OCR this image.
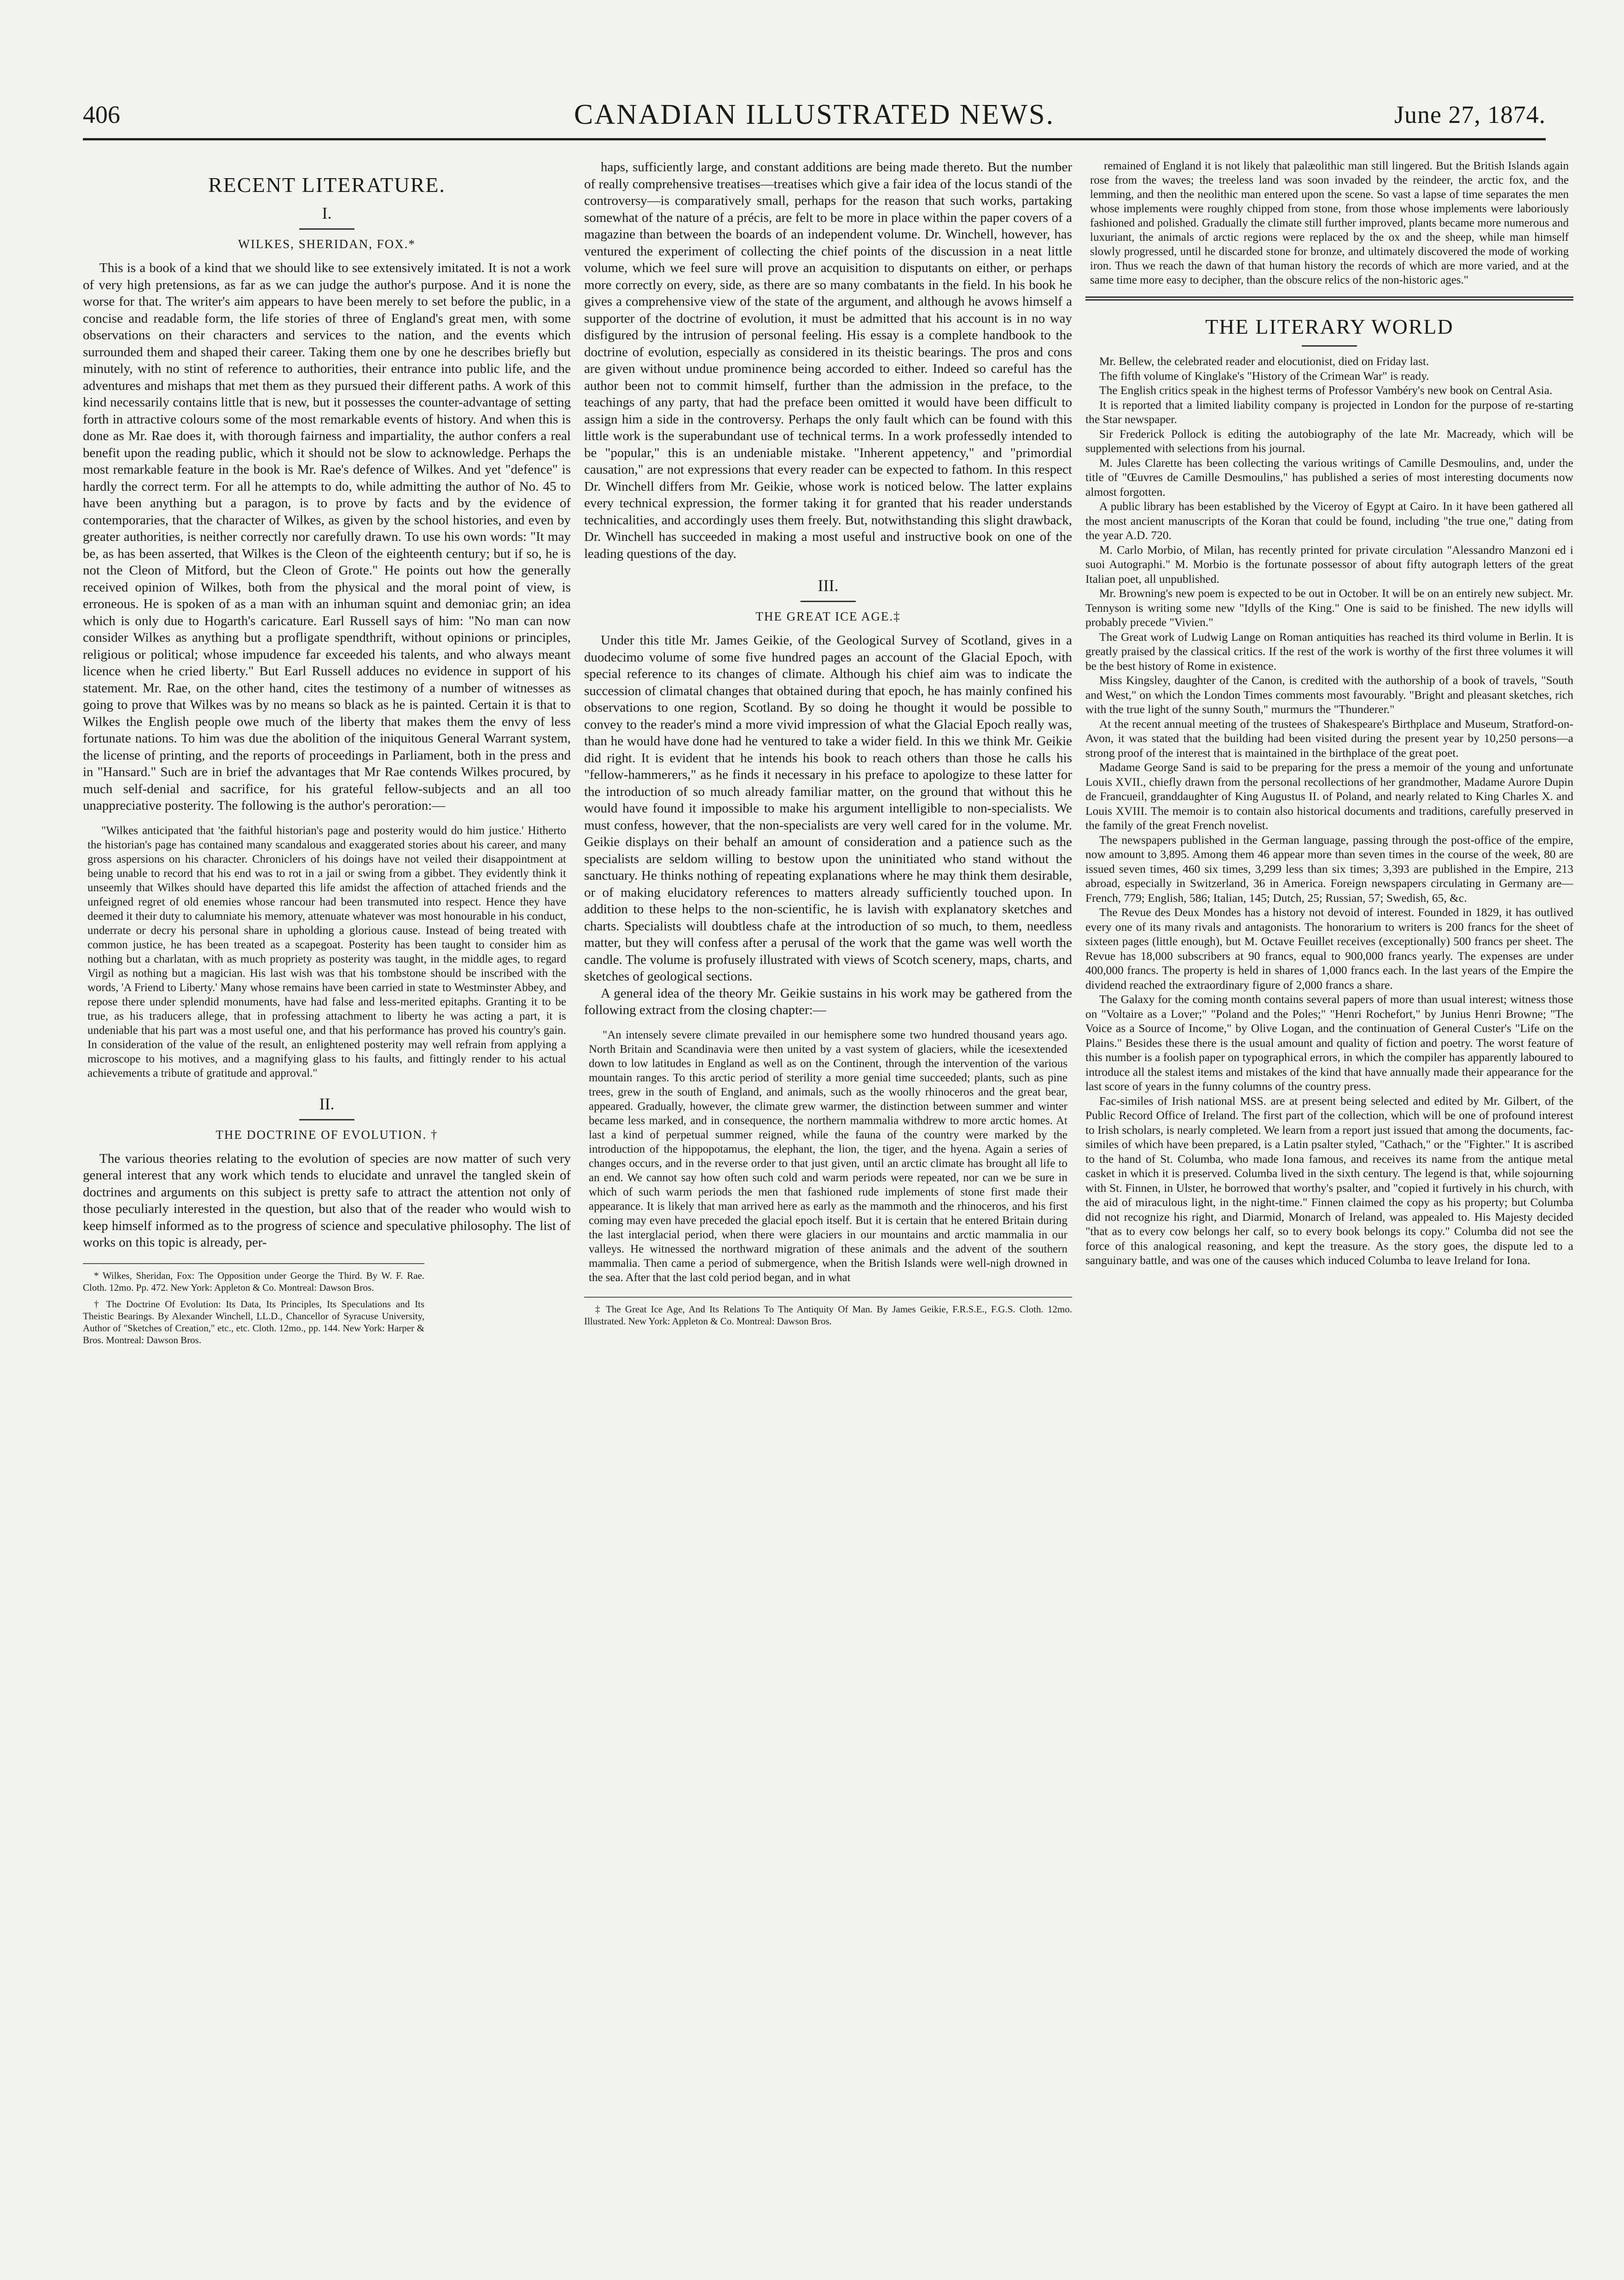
406	CANADIAN ILLUSTRATED NEWS.	June 27, 1874.
RECENT LITERATURE.
I.
WILKES, SHERIDAN, FOX.*

This is a book of a kind that we should like to see extensively imitated. It is not a work of very high pretensions, as far as we can judge the author's purpose. And it is none the worse for that. The writer's aim appears to have been merely to set before the public, in a concise and readable form, the life stories of three of England's great men, with some observations on their characters and services to the nation, and the events which surrounded them and shaped their career. Taking them one by one he describes briefly but minutely, with no stint of reference to authorities, their entrance into public life, and the adventures and mishaps that met them as they pursued their different paths. A work of this kind necessarily contains little that is new, but it possesses the counter-advantage of setting forth in attractive colours some of the most remarkable events of history. And when this is done as Mr. Rae does it, with thorough fairness and impartiality, the author confers a real benefit upon the reading public, which it should not be slow to acknowledge. Perhaps the most remarkable feature in the book is Mr. Rae's defence of Wilkes. And yet "defence" is hardly the correct term. For all he attempts to do, while admitting the author of No. 45 to have been anything but a paragon, is to prove by facts and by the evidence of contemporaries, that the character of Wilkes, as given by the school histories, and even by greater authorities, is neither correctly nor carefully drawn. To use his own words: "It may be, as has been asserted, that Wilkes is the Cleon of the eighteenth century; but if so, he is not the Cleon of Mitford, but the Cleon of Grote." He points out how the generally received opinion of Wilkes, both from the physical and the moral point of view, is erroneous. He is spoken of as a man with an inhuman squint and demoniac grin; an idea which is only due to Hogarth's caricature. Earl Russell says of him: "No man can now consider Wilkes as anything but a profligate spendthrift, without opinions or principles, religious or political; whose impudence far exceeded his talents, and who always meant licence when he cried liberty." But Earl Russell adduces no evidence in support of his statement. Mr. Rae, on the other hand, cites the testimony of a number of witnesses as going to prove that Wilkes was by no means so black as he is painted. Certain it is that to Wilkes the English people owe much of the liberty that makes them the envy of less fortunate nations. To him was due the abolition of the iniquitous General Warrant system, the license of printing, and the reports of proceedings in Parliament, both in the press and in "Hansard." Such are in brief the advantages that Mr Rae contends Wilkes procured, by much self-denial and sacrifice, for his grateful fellow-subjects and an all too unappreciative posterity. The following is the author's peroration:—

"Wilkes anticipated that 'the faithful historian's page and posterity would do him justice.' Hitherto the historian's page has contained many scandalous and exaggerated stories about his career, and many gross aspersions on his character. Chroniclers of his doings have not veiled their disappointment at being unable to record that his end was to rot in a jail or swing from a gibbet. They evidently think it unseemly that Wilkes should have departed this life amidst the affection of attached friends and the unfeigned regret of old enemies whose rancour had been transmuted into respect. Hence they have deemed it their duty to calumniate his memory, attenuate whatever was most honourable in his conduct, underrate or decry his personal share in upholding a glorious cause. Instead of being treated with common justice, he has been treated as a scapegoat. Posterity has been taught to consider him as nothing but a charlatan, with as much propriety as posterity was taught, in the middle ages, to regard Virgil as nothing but a magician. His last wish was that his tombstone should be inscribed with the words, 'A Friend to Liberty.' Many whose remains have been carried in state to Westminster Abbey, and repose there under splendid monuments, have had false and less-merited epitaphs. Granting it to be true, as his traducers allege, that in professing attachment to liberty he was acting a part, it is undeniable that his part was a most useful one, and that his performance has proved his country's gain. In consideration of the value of the result, an enlightened posterity may well refrain from applying a microscope to his motives, and a magnifying glass to his faults, and fittingly render to his actual achievements a tribute of gratitude and approval."

II.
THE DOCTRINE OF EVOLUTION. †

The various theories relating to the evolution of species are now matter of such very general interest that any work which tends to elucidate and unravel the tangled skein of doctrines and arguments on this subject is pretty safe to attract the attention not only of those peculiarly interested in the question, but also that of the reader who would wish to keep himself informed as to the progress of science and speculative philosophy. The list of works on this topic is already, per-

* Wilkes, Sheridan, Fox: The Opposition under George the Third. By W. F. Rae. Cloth. 12mo. Pp. 472. New York: Appleton & Co. Montreal: Dawson Bros.

† The Doctrine Of Evolution: Its Data, Its Principles, Its Speculations and Its Theistic Bearings. By Alexander Winchell, LL.D., Chancellor of Syracuse University, Author of "Sketches of Creation," etc., etc. Cloth. 12mo., pp. 144. New York: Harper & Bros. Montreal: Dawson Bros.

haps, sufficiently large, and constant additions are being made thereto. But the number of really comprehensive treatises—treatises which give a fair idea of the locus standi of the controversy—is comparatively small, perhaps for the reason that such works, partaking somewhat of the nature of a précis, are felt to be more in place within the paper covers of a magazine than between the boards of an independent volume. Dr. Winchell, however, has ventured the experiment of collecting the chief points of the discussion in a neat little volume, which we feel sure will prove an acquisition to disputants on either, or perhaps more correctly on every, side, as there are so many combatants in the field. In his book he gives a comprehensive view of the state of the argument, and although he avows himself a supporter of the doctrine of evolution, it must be admitted that his account is in no way disfigured by the intrusion of personal feeling. His essay is a complete handbook to the doctrine of evolution, especially as considered in its theistic bearings. The pros and cons are given without undue prominence being accorded to either. Indeed so careful has the author been not to commit himself, further than the admission in the preface, to the teachings of any party, that had the preface been omitted it would have been difficult to assign him a side in the controversy. Perhaps the only fault which can be found with this little work is the superabundant use of technical terms. In a work professedly intended to be "popular," this is an undeniable mistake. "Inherent appetency," and "primordial causation," are not expressions that every reader can be expected to fathom. In this respect Dr. Winchell differs from Mr. Geikie, whose work is noticed below. The latter explains every technical expression, the former taking it for granted that his reader understands technicalities, and accordingly uses them freely. But, notwithstanding this slight drawback, Dr. Winchell has succeeded in making a most useful and instructive book on one of the leading questions of the day.

III.
THE GREAT ICE AGE.‡

Under this title Mr. James Geikie, of the Geological Survey of Scotland, gives in a duodecimo volume of some five hundred pages an account of the Glacial Epoch, with special reference to its changes of climate. Although his chief aim was to indicate the succession of climatal changes that obtained during that epoch, he has mainly confined his observations to one region, Scotland. By so doing he thought it would be possible to convey to the reader's mind a more vivid impression of what the Glacial Epoch really was, than he would have done had he ventured to take a wider field. In this we think Mr. Geikie did right. It is evident that he intends his book to reach others than those he calls his "fellow-hammerers," as he finds it necessary in his preface to apologize to these latter for the introduction of so much already familiar matter, on the ground that without this he would have found it impossible to make his argument intelligible to non-specialists. We must confess, however, that the non-specialists are very well cared for in the volume. Mr. Geikie displays on their behalf an amount of consideration and a patience such as the specialists are seldom willing to bestow upon the uninitiated who stand without the sanctuary. He thinks nothing of repeating explanations where he may think them desirable, or of making elucidatory references to matters already sufficiently touched upon. In addition to these helps to the non-scientific, he is lavish with explanatory sketches and charts. Specialists will doubtless chafe at the introduction of so much, to them, needless matter, but they will confess after a perusal of the work that the game was well worth the candle. The volume is profusely illustrated with views of Scotch scenery, maps, charts, and sketches of geological sections.

A general idea of the theory Mr. Geikie sustains in his work may be gathered from the following extract from the closing chapter:—

"An intensely severe climate prevailed in our hemisphere some two hundred thousand years ago. North Britain and Scandinavia were then united by a vast system of glaciers, while the icesextended down to low latitudes in England as well as on the Continent, through the intervention of the various mountain ranges. To this arctic period of sterility a more genial time succeeded; plants, such as pine trees, grew in the south of England, and animals, such as the woolly rhinoceros and the great bear, appeared. Gradually, however, the climate grew warmer, the distinction between summer and winter became less marked, and in consequence, the northern mammalia withdrew to more arctic homes. At last a kind of perpetual summer reigned, while the fauna of the country were marked by the introduction of the hippopotamus, the elephant, the lion, the tiger, and the hyena. Again a series of changes occurs, and in the reverse order to that just given, until an arctic climate has brought all life to an end. We cannot say how often such cold and warm periods were repeated, nor can we be sure in which of such warm periods the men that fashioned rude implements of stone first made their appearance. It is likely that man arrived here as early as the mammoth and the rhinoceros, and his first coming may even have preceded the glacial epoch itself. But it is certain that he entered Britain during the last interglacial period, when there were glaciers in our mountains and arctic mammalia in our valleys. He witnessed the northward migration of these animals and the advent of the southern mammalia. Then came a period of submergence, when the British Islands were well-nigh drowned in the sea. After that the last cold period began, and in what

‡ The Great Ice Age, And Its Relations To The Antiquity Of Man. By James Geikie, F.R.S.E., F.G.S. Cloth. 12mo. Illustrated. New York: Appleton & Co. Montreal: Dawson Bros.

remained of England it is not likely that palæolithic man still lingered. But the British Islands again rose from the waves; the treeless land was soon invaded by the reindeer, the arctic fox, and the lemming, and then the neolithic man entered upon the scene. So vast a lapse of time separates the men whose implements were roughly chipped from stone, from those whose implements were laboriously fashioned and polished. Gradually the climate still further improved, plants became more numerous and luxuriant, the animals of arctic regions were replaced by the ox and the sheep, while man himself slowly progressed, until he discarded stone for bronze, and ultimately discovered the mode of working iron. Thus we reach the dawn of that human history the records of which are more varied, and at the same time more easy to decipher, than the obscure relics of the non-historic ages."

THE LITERARY WORLD

Mr. Bellew, the celebrated reader and elocutionist, died on Friday last.

The fifth volume of Kinglake's "History of the Crimean War" is ready.

The English critics speak in the highest terms of Professor Vambéry's new book on Central Asia.

It is reported that a limited liability company is projected in London for the purpose of re-starting the Star newspaper.

Sir Frederick Pollock is editing the autobiography of the late Mr. Macready, which will be supplemented with selections from his journal.

M. Jules Clarette has been collecting the various writings of Camille Desmoulins, and, under the title of "Œuvres de Camille Desmoulins," has published a series of most interesting documents now almost forgotten.

A public library has been established by the Viceroy of Egypt at Cairo. In it have been gathered all the most ancient manuscripts of the Koran that could be found, including "the true one," dating from the year A.D. 720.

M. Carlo Morbio, of Milan, has recently printed for private circulation "Alessandro Manzoni ed i suoi Autographi." M. Morbio is the fortunate possessor of about fifty autograph letters of the great Italian poet, all unpublished.

Mr. Browning's new poem is expected to be out in October. It will be on an entirely new subject. Mr. Tennyson is writing some new "Idylls of the King." One is said to be finished. The new idylls will probably precede "Vivien."

The Great work of Ludwig Lange on Roman antiquities has reached its third volume in Berlin. It is greatly praised by the classical critics. If the rest of the work is worthy of the first three volumes it will be the best history of Rome in existence.

Miss Kingsley, daughter of the Canon, is credited with the authorship of a book of travels, "South and West," on which the London Times comments most favourably. "Bright and pleasant sketches, rich with the true light of the sunny South," murmurs the "Thunderer."

At the recent annual meeting of the trustees of Shakespeare's Birthplace and Museum, Stratford-on-Avon, it was stated that the building had been visited during the present year by 10,250 persons—a strong proof of the interest that is maintained in the birthplace of the great poet.

Madame George Sand is said to be preparing for the press a memoir of the young and unfortunate Louis XVII., chiefly drawn from the personal recollections of her grandmother, Madame Aurore Dupin de Francueil, granddaughter of King Augustus II. of Poland, and nearly related to King Charles X. and Louis XVIII. The memoir is to contain also historical documents and traditions, carefully preserved in the family of the great French novelist.

The newspapers published in the German language, passing through the post-office of the empire, now amount to 3,895. Among them 46 appear more than seven times in the course of the week, 80 are issued seven times, 460 six times, 3,299 less than six times; 3,393 are published in the Empire, 213 abroad, especially in Switzerland, 36 in America. Foreign newspapers circulating in Germany are—French, 779; English, 586; Italian, 145; Dutch, 25; Russian, 57; Swedish, 65, &c.

The Revue des Deux Mondes has a history not devoid of interest. Founded in 1829, it has outlived every one of its many rivals and antagonists. The honorarium to writers is 200 francs for the sheet of sixteen pages (little enough), but M. Octave Feuillet receives (exceptionally) 500 francs per sheet. The Revue has 18,000 subscribers at 90 francs, equal to 900,000 francs yearly. The expenses are under 400,000 francs. The property is held in shares of 1,000 francs each. In the last years of the Empire the dividend reached the extraordinary figure of 2,000 francs a share.

The Galaxy for the coming month contains several papers of more than usual interest; witness those on "Voltaire as a Lover;" "Poland and the Poles;" "Henri Rochefort," by Junius Henri Browne; "The Voice as a Source of Income," by Olive Logan, and the continuation of General Custer's "Life on the Plains." Besides these there is the usual amount and quality of fiction and poetry. The worst feature of this number is a foolish paper on typographical errors, in which the compiler has apparently laboured to introduce all the stalest items and mistakes of the kind that have annually made their appearance for the last score of years in the funny columns of the country press.

Fac-similes of Irish national MSS. are at present being selected and edited by Mr. Gilbert, of the Public Record Office of Ireland. The first part of the collection, which will be one of profound interest to Irish scholars, is nearly completed. We learn from a report just issued that among the documents, fac-similes of which have been prepared, is a Latin psalter styled, "Cathach," or the "Fighter." It is ascribed to the hand of St. Columba, who made Iona famous, and receives its name from the antique metal casket in which it is preserved. Columba lived in the sixth century. The legend is that, while sojourning with St. Finnen, in Ulster, he borrowed that worthy's psalter, and "copied it furtively in his church, with the aid of miraculous light, in the night-time." Finnen claimed the copy as his property; but Columba did not recognize his right, and Diarmid, Monarch of Ireland, was appealed to. His Majesty decided "that as to every cow belongs her calf, so to every book belongs its copy." Columba did not see the force of this analogical reasoning, and kept the treasure. As the story goes, the dispute led to a sanguinary battle, and was one of the causes which induced Columba to leave Ireland for Iona.
